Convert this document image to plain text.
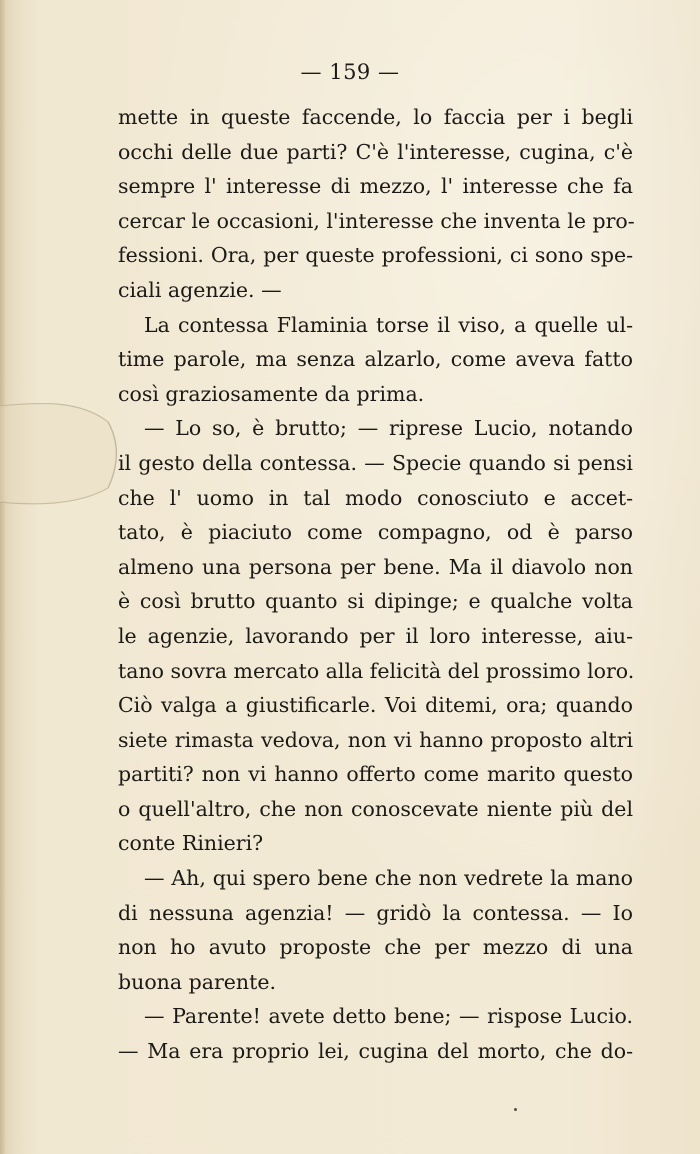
— 159 —
mette in queste faccende, lo faccia per i begli
occhi delle due parti? C'è l'interesse, cugina, c'è
sempre l' interesse di mezzo, l' interesse che fa
cercar le occasioni, l'interesse che inventa le pro-
fessioni. Ora, per queste professioni, ci sono spe-
ciali agenzie. —
La contessa Flaminia torse il viso, a quelle ul-
time parole, ma senza alzarlo, come aveva fatto
così graziosamente da prima.
— Lo so, è brutto; — riprese Lucio, notando
il gesto della contessa. — Specie quando si pensi
che l' uomo in tal modo conosciuto e accet-
tato, è piaciuto come compagno, od è parso
almeno una persona per bene. Ma il diavolo non
è così brutto quanto si dipinge; e qualche volta
le agenzie, lavorando per il loro interesse, aiu-
tano sovra mercato alla felicità del prossimo loro.
Ciò valga a giustificarle. Voi ditemi, ora; quando
siete rimasta vedova, non vi hanno proposto altri
partiti? non vi hanno offerto come marito questo
o quell'altro, che non conoscevate niente più del
conte Rinieri?
— Ah, qui spero bene che non vedrete la mano
di nessuna agenzia! — gridò la contessa. — Io
non ho avuto proposte che per mezzo di una
buona parente.
— Parente! avete detto bene; — rispose Lucio.
— Ma era proprio lei, cugina del morto, che do-
